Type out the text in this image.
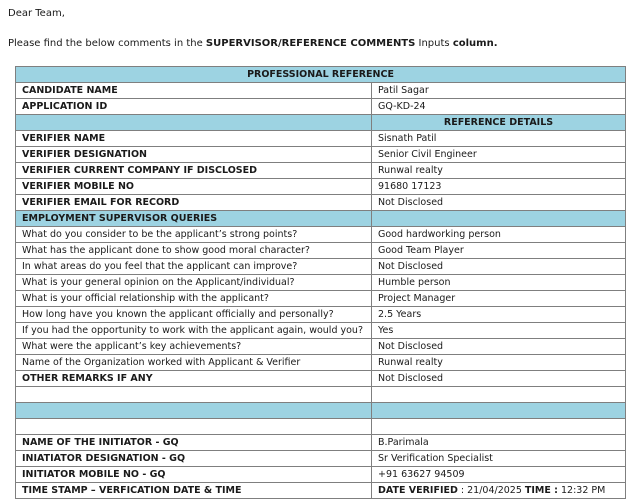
Dear Team,
Please find the below comments in the SUPERVISOR/REFERENCE COMMENTS Inputs column.
PROFESSIONAL REFERENCE	
CANDIDATE NAME	Patil Sagar
APPLICATION ID	GQ-KD-24
	REFERENCE DETAILS
VERIFIER NAME	Sisnath Patil
VERIFIER DESIGNATION	Senior Civil Engineer
VERIFIER CURRENT COMPANY IF DISCLOSED	Runwal realty
VERIFIER MOBILE NO	91680 17123
VERIFIER EMAIL FOR RECORD	Not Disclosed
EMPLOYMENT SUPERVISOR QUERIES	
What do you consider to be the applicant’s strong points?	Good hardworking person
What has the applicant done to show good moral character?	Good Team Player
In what areas do you feel that the applicant can improve?	Not Disclosed
What is your general opinion on the Applicant/individual?	Humble person
What is your official relationship with the applicant?	Project Manager
How long have you known the applicant officially and personally?	2.5 Years
If you had the opportunity to work with the applicant again, would you?	Yes
What were the applicant’s key achievements?	Not Disclosed
Name of the Organization worked with Applicant & Verifier	Runwal realty
OTHER REMARKS IF ANY	Not Disclosed

NAME OF THE INITIATOR - GQ	B.Parimala
INIATIATOR DESIGNATION - GQ	Sr Verification Specialist
INITIATOR MOBILE NO - GQ	+91 63627 94509
TIME STAMP – VERFICATION DATE & TIME	DATE VERIFIED : 21/04/2025 TIME : 12:32 PM
